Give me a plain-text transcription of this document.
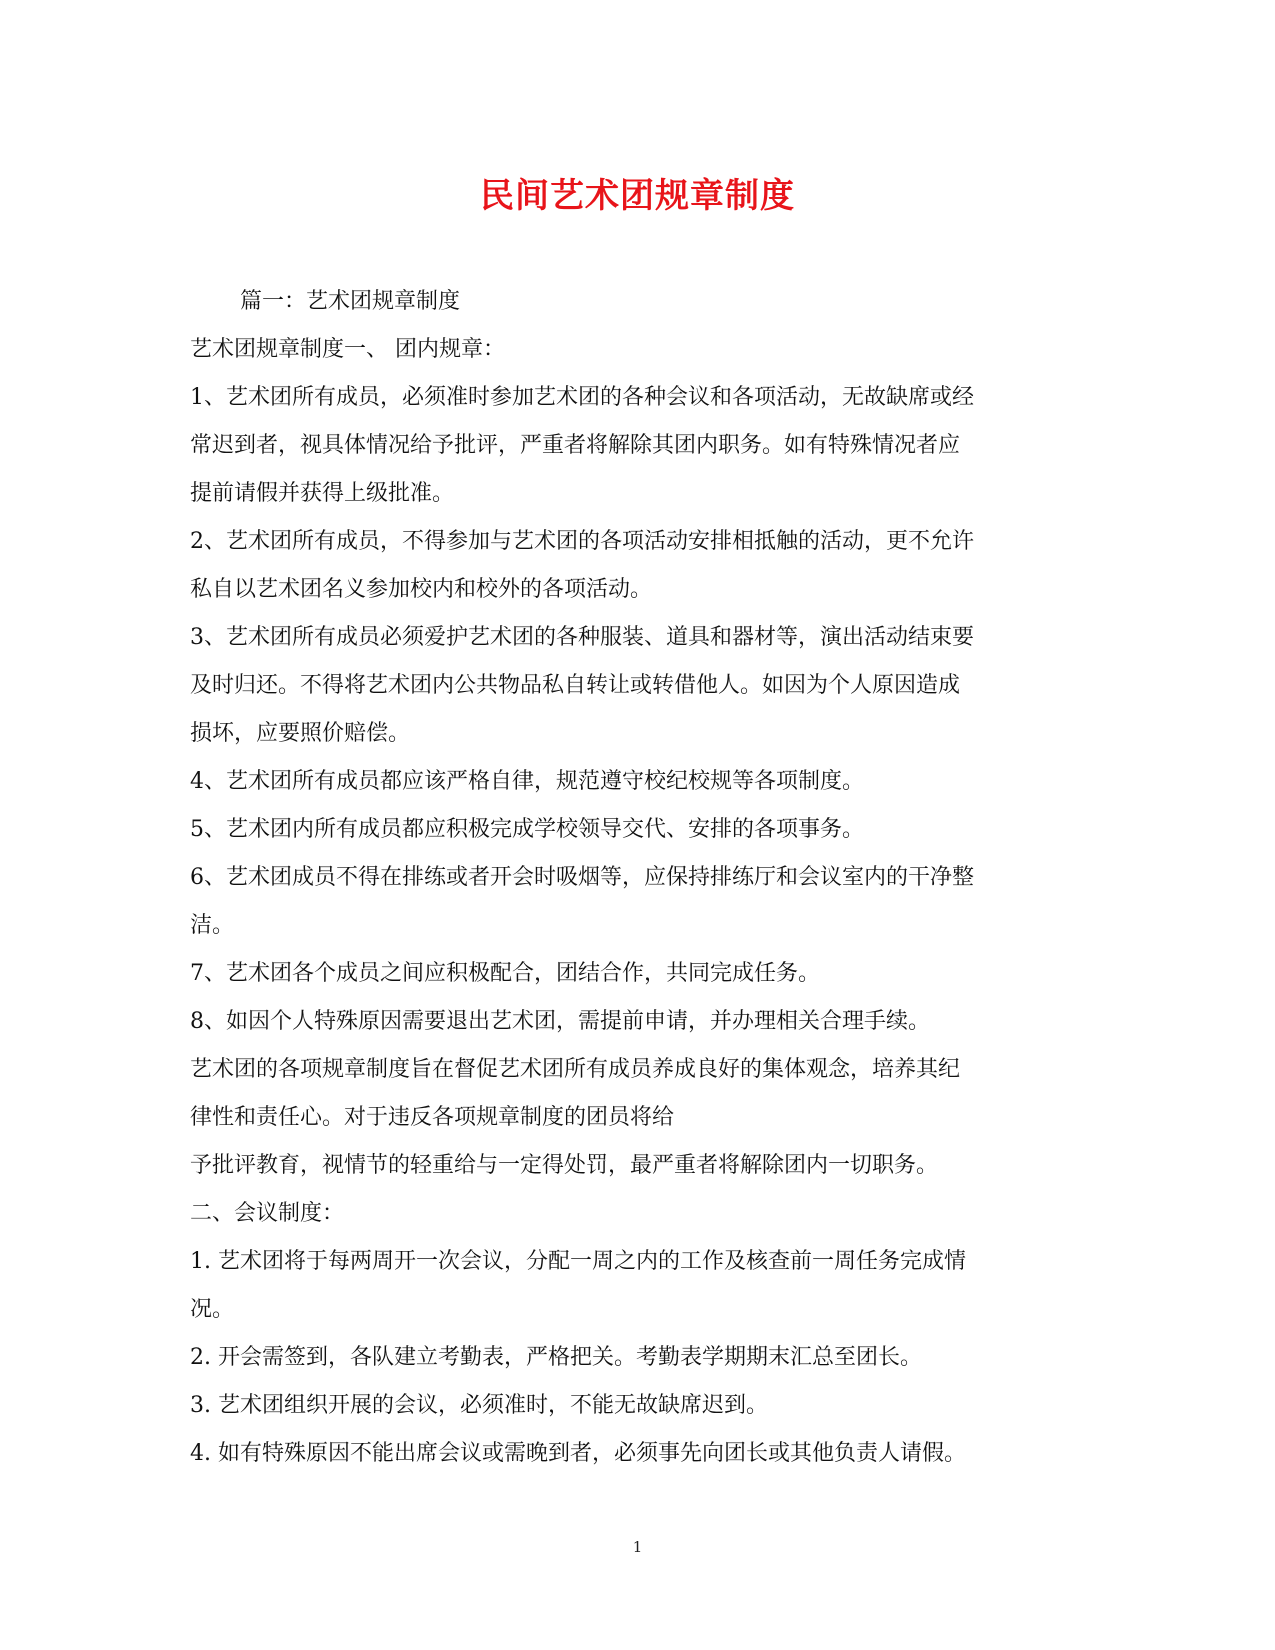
民间艺术团规章制度

篇一：艺术团规章制度

艺术团规章制度一、 团内规章：

1、艺术团所有成员，必须准时参加艺术团的各种会议和各项活动，无故缺席或经

常迟到者，视具体情况给予批评，严重者将解除其团内职务。如有特殊情况者应

提前请假并获得上级批准。

2、艺术团所有成员，不得参加与艺术团的各项活动安排相抵触的活动，更不允许

私自以艺术团名义参加校内和校外的各项活动。

3、艺术团所有成员必须爱护艺术团的各种服装、道具和器材等，演出活动结束要

及时归还。不得将艺术团内公共物品私自转让或转借他人。如因为个人原因造成

损坏，应要照价赔偿。

4、艺术团所有成员都应该严格自律，规范遵守校纪校规等各项制度。

5、艺术团内所有成员都应积极完成学校领导交代、安排的各项事务。

6、艺术团成员不得在排练或者开会时吸烟等，应保持排练厅和会议室内的干净整

洁。

7、艺术团各个成员之间应积极配合，团结合作，共同完成任务。

8、如因个人特殊原因需要退出艺术团，需提前申请，并办理相关合理手续。

艺术团的各项规章制度旨在督促艺术团所有成员养成良好的集体观念，培养其纪

律性和责任心。对于违反各项规章制度的团员将给

予批评教育，视情节的轻重给与一定得处罚，最严重者将解除团内一切职务。

二、会议制度：

1. 艺术团将于每两周开一次会议，分配一周之内的工作及核查前一周任务完成情

况。

2. 开会需签到，各队建立考勤表，严格把关。考勤表学期期末汇总至团长。

3. 艺术团组织开展的会议，必须准时，不能无故缺席迟到。

4. 如有特殊原因不能出席会议或需晚到者，必须事先向团长或其他负责人请假。

1
